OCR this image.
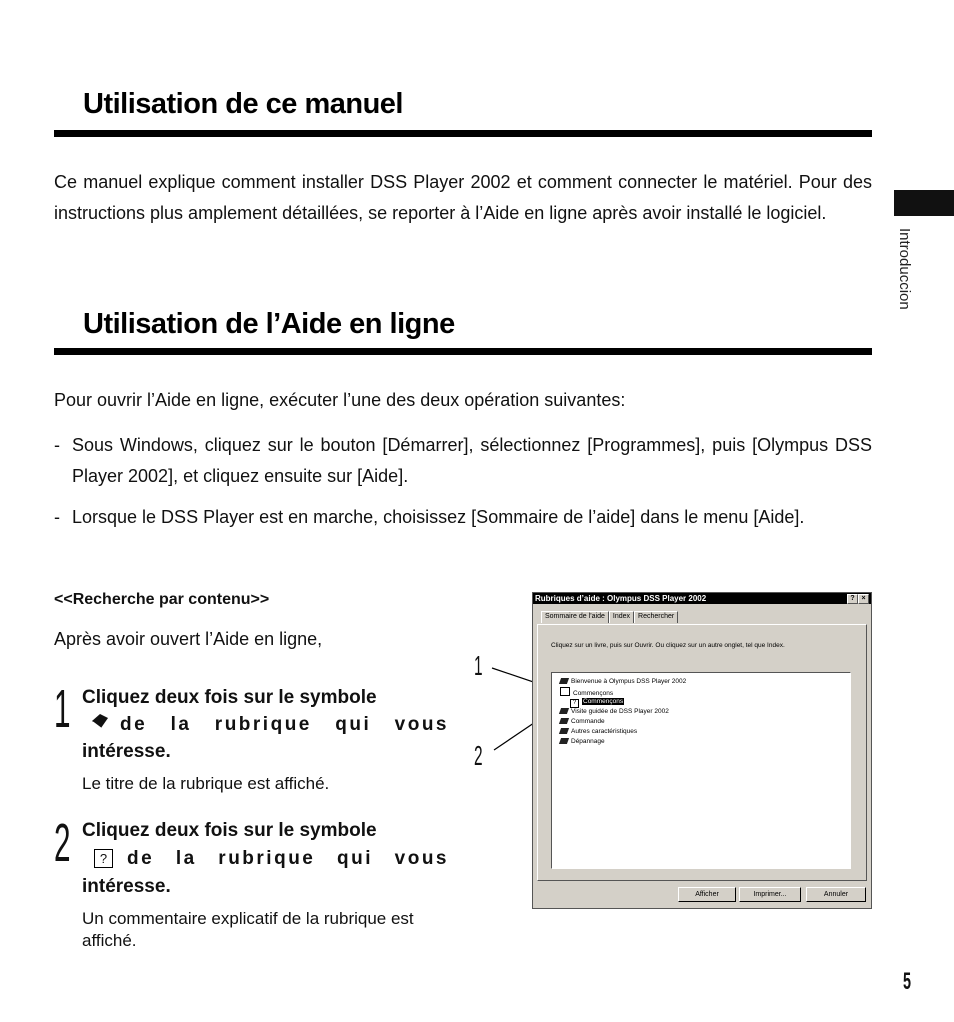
Utilisation de ce manuel
Ce manuel explique comment installer DSS Player 2002 et comment connecter le matériel. Pour des instructions plus amplement détaillées, se reporter à l’Aide en ligne après avoir installé le logiciel.
Introduccion
Utilisation de l’Aide en ligne
Pour ouvrir l’Aide en ligne, exécuter l’une des deux opération suivantes:
- Sous Windows, cliquez sur le bouton [Démarrer], sélectionnez [Programmes], puis [Olympus DSS Player 2002], et cliquez ensuite sur [Aide].
- Lorsque le DSS Player est en marche, choisissez [Sommaire de l’aide] dans le menu [Aide].
<<Recherche par contenu>>
Après avoir ouvert l’Aide en ligne,
1 Cliquez deux fois sur le symbole
de la rubrique qui vous
intéresse.
Le titre de la rubrique est affiché.
2 Cliquez deux fois sur le symbole
?	de la rubrique qui vous
intéresse.
Un commentaire explicatif de la rubrique est affiché.
1
2
Rubriques d’aide : Olympus DSS Player 2002	? ×
Sommaire de l’aide	Index	Rechercher
Cliquez sur un livre, puis sur Ouvrir. Ou cliquez sur un autre onglet, tel que Index.
Bienvenue à Olympus DSS Player 2002
Commençons
? Commençons
Visite guidée de DSS Player 2002
Commande
Autres caractéristiques
Dépannage
Afficher	Imprimer...	Annuler
5
